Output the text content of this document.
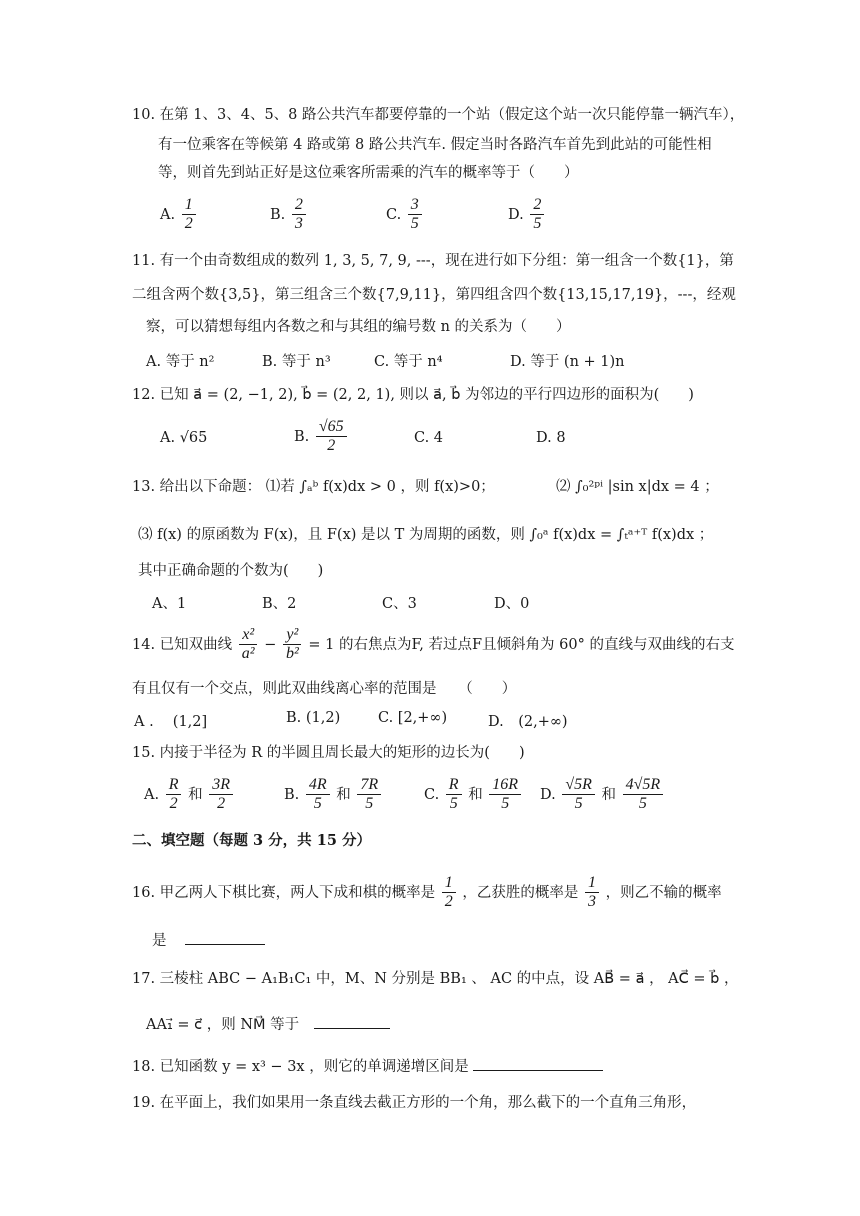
10. 在第 1、3、4、5、8 路公共汽车都要停靠的一个站（假定这个站一次只能停靠一辆汽车），
有一位乘客在等候第 4 路或第 8 路公共汽车. 假定当时各路汽车首先到此站的可能性相
等，则首先到站正好是这位乘客所需乘的汽车的概率等于（　　）
A. $\frac{1}{2}$	B. $\frac{2}{3}$	C. $\frac{3}{5}$	D. $\frac{2}{5}$
11. 有一个由奇数组成的数列 1, 3, 5, 7, 9, ---，现在进行如下分组：第一组含一个数{1}，第
二组含两个数{3,5}，第三组含三个数{7,9,11}，第四组含四个数{13,15,17,19}，---，经观
察，可以猜想每组内各数之和与其组的编号数 n 的关系为（　　）
A. 等于 n²	B. 等于 n³	C. 等于 n⁴	D. 等于 (n + 1)n
12. 已知 a⃗ = (2, −1, 2), b⃗ = (2, 2, 1), 则以 a⃗, b⃗ 为邻边的平行四边形的面积为(　　)
A. √65	B. $\frac{√65}{2}$	C. 4	D. 8
13. 给出以下命题： ⑴若 ∫ₐᵇ f(x)dx > 0 ，则 f(x)>0；	⑵ ∫₀²ᵖⁱ |sin x|dx = 4 ；
⑶ f(x) 的原函数为 F(x)，且 F(x) 是以 T 为周期的函数，则 ∫₀ᵃ f(x)dx = ∫ₜᵃ⁺ᵀ f(x)dx ；
其中正确命题的个数为(　　)
A、1	B、2	C、3	D、0
14. 已知双曲线 $\frac{\text{x²}}{\text{a²}} - \frac{\text{y²}}{\text{b²}} = 1$ 的右焦点为F, 若过点F且倾斜角为 60° 的直线与双曲线的右支
有且仅有一个交点，则此双曲线离心率的范围是　　（　　）
A .　 (1,2]	B. (1,2)	C. [2,+∞)	D.　(2,+∞)
15. 内接于半径为 R 的半圆且周长最大的矩形的边长为(　　)
A. $\frac{R}{2}$ 和 $\frac{3R}{2}$	B. $\frac{4R}{5}$ 和 $\frac{7R}{5}$	C. $\frac{R}{5}$ 和 $\frac{16R}{5} D$. $\frac{√5R}{5}$ 和 $\frac{4√5R}{5}$
二、填空题（每题 3 分，共 15 分）
16. 甲乙两人下棋比赛，两人下成和棋的概率是 $\frac{1}{2}$ ，乙获胜的概率是 $\frac{1}{3}$ ，则乙不输的概率
是
17. 三棱柱 ABC − A₁B₁C₁ 中，M、N 分别是 BB₁ 、 AC 的中点，设 AB⃗ = a⃗ ， AC⃗ = b⃗ ，
AA₁⃗ = c⃗ ，则 NM⃗ 等于
18. 已知函数 y = x³ − 3x ，则它的单调递增区间是
19. 在平面上，我们如果用一条直线去截正方形的一个角，那么截下的一个直角三角形，
